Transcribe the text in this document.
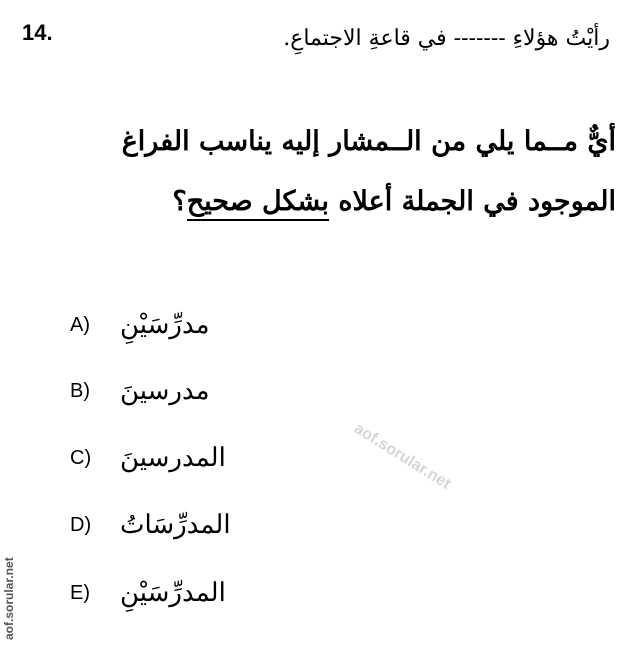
14.	رأيْتُ هؤلاءِ ------- في قاعةِ الاجتماعِ.
أيٌّ مــما يلي من الــمشار إليه يناسب الفراغ
الموجود في الجملة أعلاه بشكل صحيح؟
A) مدرِّسَيْنِ
B) مدرسينَ
C) المدرسينَ
D) المدرِّسَاتُ
E) المدرِّسَيْنِ
aof.sorular.net
aof.sorular.net
